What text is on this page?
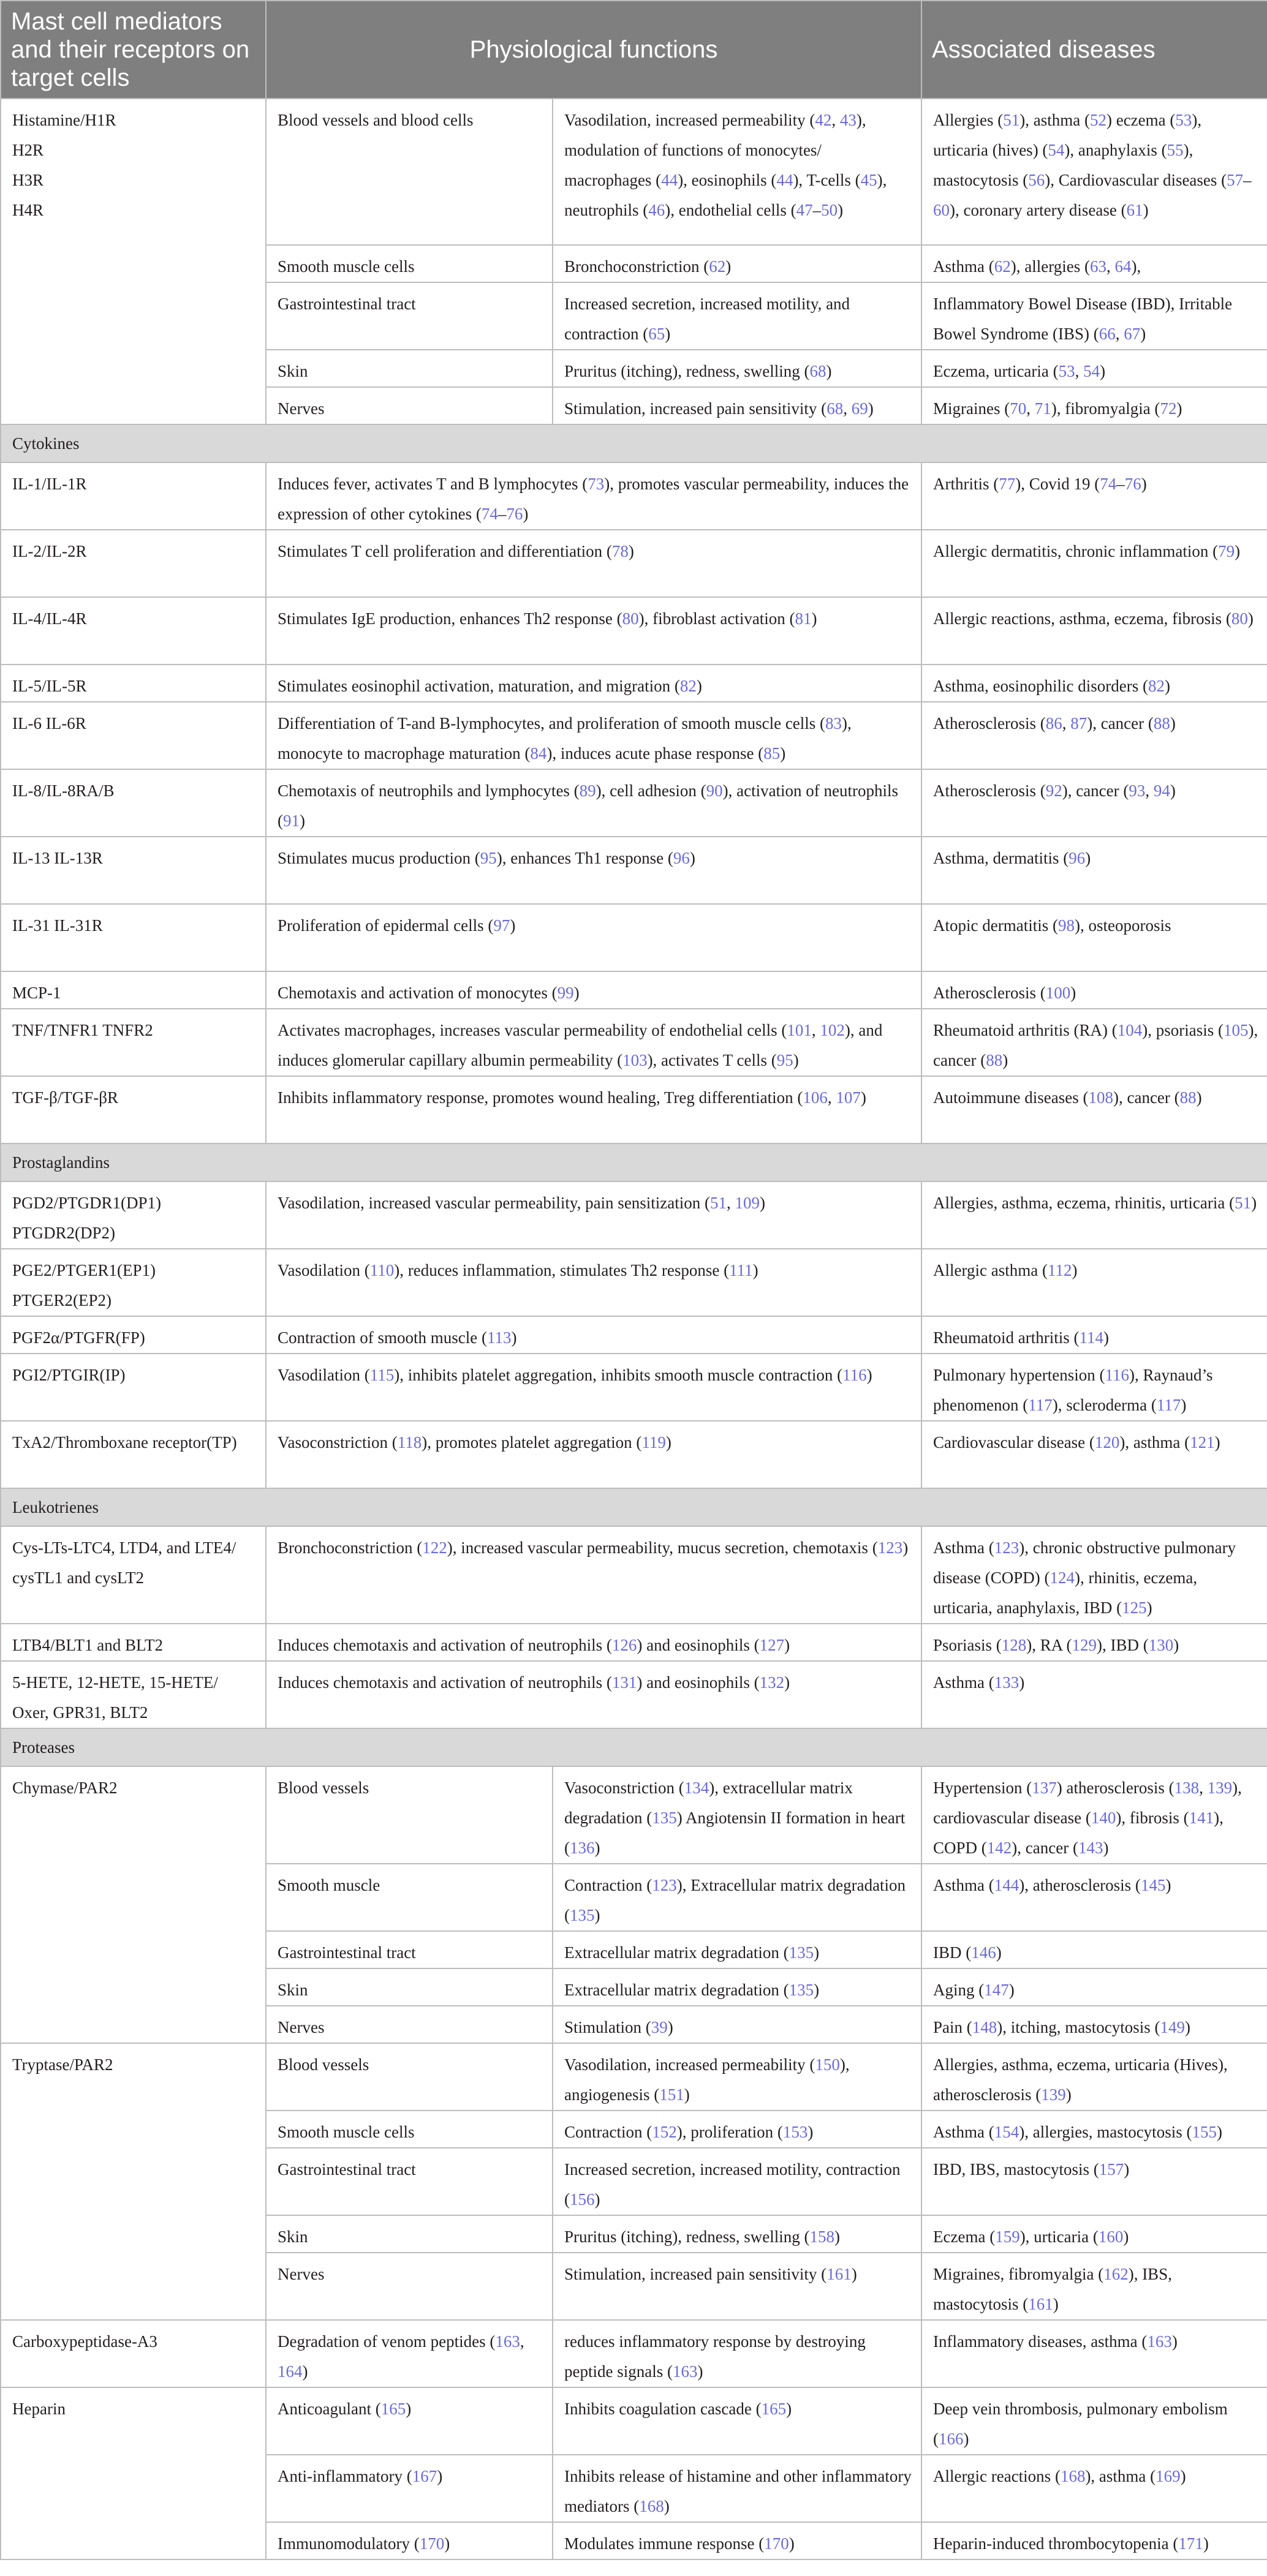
Mast cell mediators and their receptors on target cells	Physiological functions		Associated diseases
Histamine/H1R
H2R
H3R
H4R	Blood vessels and blood cells	Vasodilation, increased permeability (42, 43), modulation of functions of monocytes/ macrophages (44), eosinophils (44), T-cells (45), neutrophils (46), endothelial cells (47–50)	Allergies (51), asthma (52) eczema (53), urticaria (hives) (54), anaphylaxis (55), mastocytosis (56), Cardiovascular diseases (57–60), coronary artery disease (61)
	Smooth muscle cells	Bronchoconstriction (62)	Asthma (62), allergies (63, 64),
	Gastrointestinal tract	Increased secretion, increased motility, and contraction (65)	Inflammatory Bowel Disease (IBD), Irritable Bowel Syndrome (IBS) (66, 67)
	Skin	Pruritus (itching), redness, swelling (68)	Eczema, urticaria (53, 54)
	Nerves	Stimulation, increased pain sensitivity (68, 69)	Migraines (70, 71), fibromyalgia (72)
Cytokines			
IL-1/IL-1R	Induces fever, activates T and B lymphocytes (73), promotes vascular permeability, induces the expression of other cytokines (74–76)		Arthritis (77), Covid 19 (74–76)
IL-2/IL-2R	Stimulates T cell proliferation and differentiation (78)		Allergic dermatitis, chronic inflammation (79)
IL-4/IL-4R	Stimulates IgE production, enhances Th2 response (80), fibroblast activation (81)		Allergic reactions, asthma, eczema, fibrosis (80)
IL-5/IL-5R	Stimulates eosinophil activation, maturation, and migration (82)		Asthma, eosinophilic disorders (82)
IL-6 IL-6R	Differentiation of T-and B-lymphocytes, and proliferation of smooth muscle cells (83), monocyte to macrophage maturation (84), induces acute phase response (85)		Atherosclerosis (86, 87), cancer (88)
IL-8/IL-8RA/B	Chemotaxis of neutrophils and lymphocytes (89), cell adhesion (90), activation of neutrophils (91)		Atherosclerosis (92), cancer (93, 94)
IL-13 IL-13R	Stimulates mucus production (95), enhances Th1 response (96)		Asthma, dermatitis (96)
IL-31 IL-31R	Proliferation of epidermal cells (97)		Atopic dermatitis (98), osteoporosis
MCP-1	Chemotaxis and activation of monocytes (99)		Atherosclerosis (100)
TNF/TNFR1 TNFR2	Activates macrophages, increases vascular permeability of endothelial cells (101, 102), and induces glomerular capillary albumin permeability (103), activates T cells (95)		Rheumatoid arthritis (RA) (104), psoriasis (105), cancer (88)
TGF-β/TGF-βR	Inhibits inflammatory response, promotes wound healing, Treg differentiation (106, 107)		Autoimmune diseases (108), cancer (88)
Prostaglandins			
PGD2/PTGDR1(DP1) PTGDR2(DP2)	Vasodilation, increased vascular permeability, pain sensitization (51, 109)		Allergies, asthma, eczema, rhinitis, urticaria (51)
PGE2/PTGER1(EP1) PTGER2(EP2)	Vasodilation (110), reduces inflammation, stimulates Th2 response (111)		Allergic asthma (112)
PGF2α/PTGFR(FP)	Contraction of smooth muscle (113)		Rheumatoid arthritis (114)
PGI2/PTGIR(IP)	Vasodilation (115), inhibits platelet aggregation, inhibits smooth muscle contraction (116)		Pulmonary hypertension (116), Raynaud’s phenomenon (117), scleroderma (117)
TxA2/Thromboxane receptor(TP)	Vasoconstriction (118), promotes platelet aggregation (119)		Cardiovascular disease (120), asthma (121)
Leukotrienes			
Cys-LTs-LTC4, LTD4, and LTE4/ cysTL1 and cysLT2	Bronchoconstriction (122), increased vascular permeability, mucus secretion, chemotaxis (123)		Asthma (123), chronic obstructive pulmonary disease (COPD) (124), rhinitis, eczema, urticaria, anaphylaxis, IBD (125)
LTB4/BLT1 and BLT2	Induces chemotaxis and activation of neutrophils (126) and eosinophils (127)		Psoriasis (128), RA (129), IBD (130)
5-HETE, 12-HETE, 15-HETE/ Oxer, GPR31, BLT2	Induces chemotaxis and activation of neutrophils (131) and eosinophils (132)		Asthma (133)
Proteases			
Chymase/PAR2	Blood vessels	Vasoconstriction (134), extracellular matrix degradation (135) Angiotensin II formation in heart (136)	Hypertension (137) atherosclerosis (138, 139), cardiovascular disease (140), fibrosis (141), COPD (142), cancer (143)
	Smooth muscle	Contraction (123), Extracellular matrix degradation (135)	Asthma (144), atherosclerosis (145)
	Gastrointestinal tract	Extracellular matrix degradation (135)	IBD (146)
	Skin	Extracellular matrix degradation (135)	Aging (147)
	Nerves	Stimulation (39)	Pain (148), itching, mastocytosis (149)
Tryptase/PAR2	Blood vessels	Vasodilation, increased permeability (150), angiogenesis (151)	Allergies, asthma, eczema, urticaria (Hives), atherosclerosis (139)
	Smooth muscle cells	Contraction (152), proliferation (153)	Asthma (154), allergies, mastocytosis (155)
	Gastrointestinal tract	Increased secretion, increased motility, contraction (156)	IBD, IBS, mastocytosis (157)
	Skin	Pruritus (itching), redness, swelling (158)	Eczema (159), urticaria (160)
	Nerves	Stimulation, increased pain sensitivity (161)	Migraines, fibromyalgia (162), IBS, mastocytosis (161)
Carboxypeptidase-A3	Degradation of venom peptides (163, 164)	reduces inflammatory response by destroying peptide signals (163)	Inflammatory diseases, asthma (163)
Heparin	Anticoagulant (165)	Inhibits coagulation cascade (165)	Deep vein thrombosis, pulmonary embolism (166)
	Anti-inflammatory (167)	Inhibits release of histamine and other inflammatory mediators (168)	Allergic reactions (168), asthma (169)
	Immunomodulatory (170)	Modulates immune response (170)	Heparin-induced thrombocytopenia (171)
